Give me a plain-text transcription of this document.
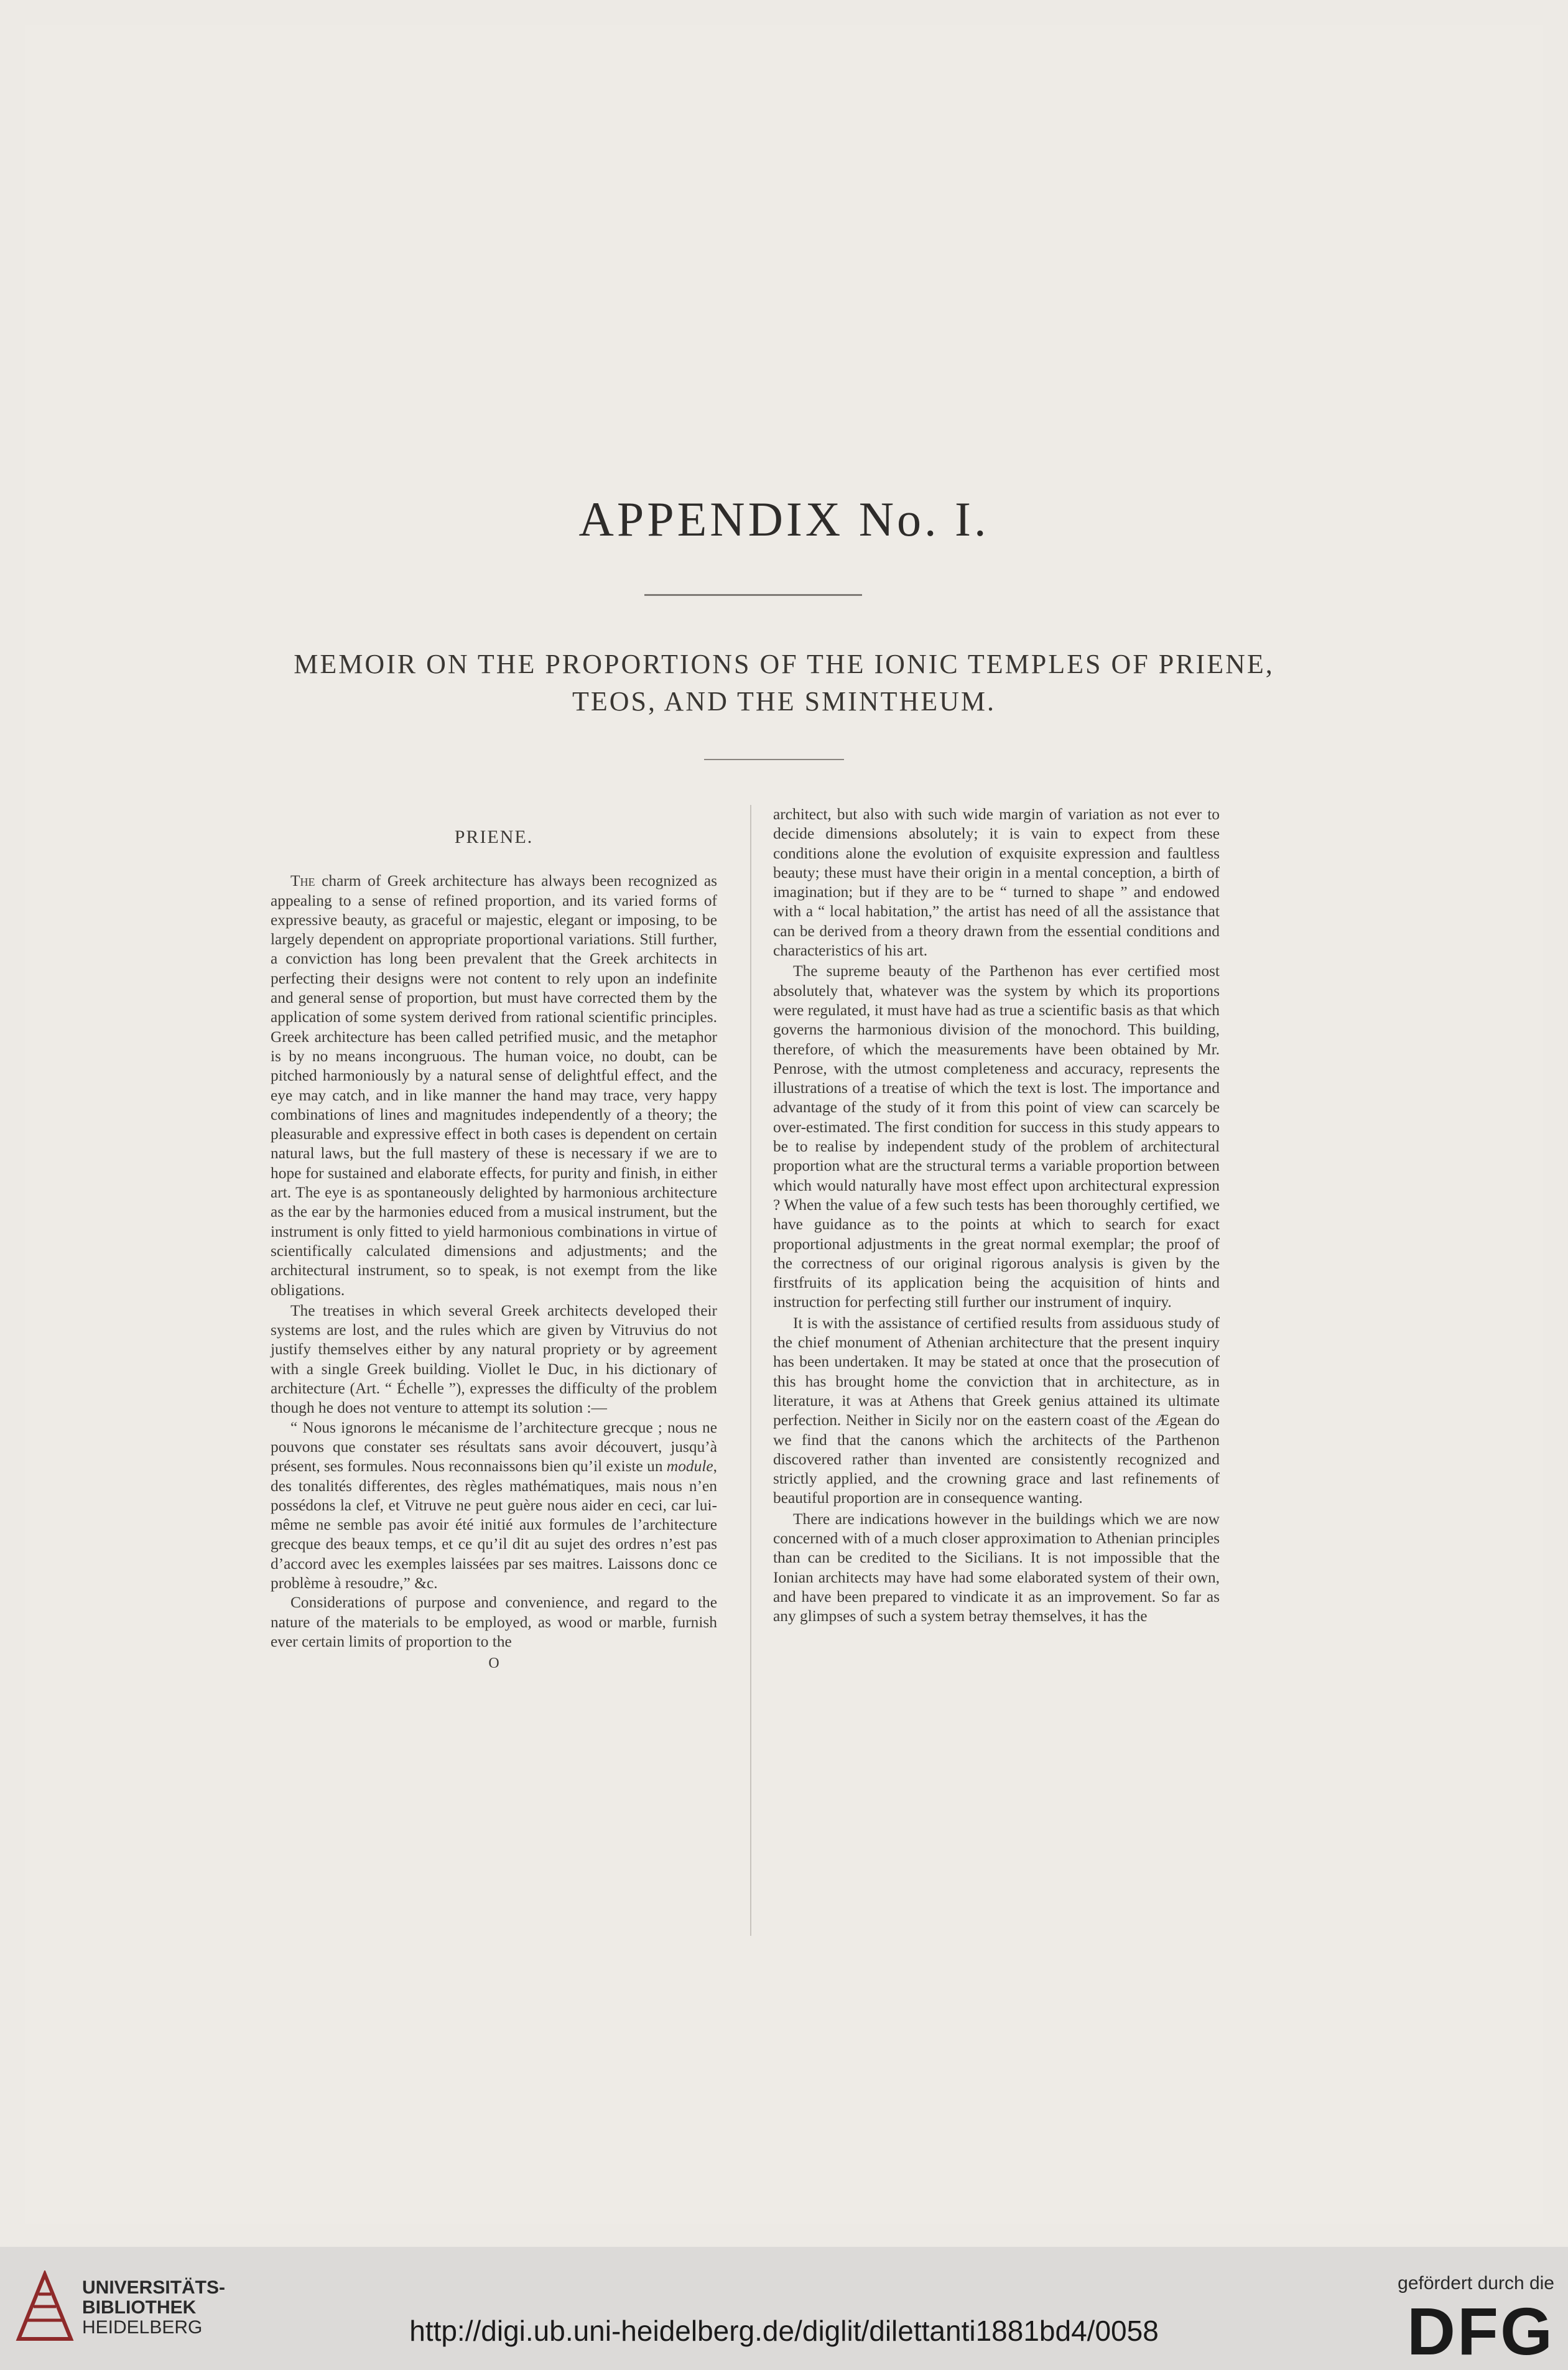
APPENDIX No. I.
MEMOIR ON THE PROPORTIONS OF THE IONIC TEMPLES OF PRIENE,
TEOS, AND THE SMINTHEUM.
PRIENE.

The charm of Greek architecture has always been recognized as appealing to a sense of refined proportion, and its varied forms of expressive beauty, as graceful or majestic, elegant or imposing, to be largely dependent on appropriate proportional variations. Still further, a conviction has long been prevalent that the Greek architects in perfecting their designs were not content to rely upon an indefinite and general sense of proportion, but must have corrected them by the application of some system derived from rational scientific principles. Greek architecture has been called petrified music, and the metaphor is by no means incongruous. The human voice, no doubt, can be pitched harmoniously by a natural sense of delightful effect, and the eye may catch, and in like manner the hand may trace, very happy combinations of lines and magnitudes independently of a theory; the pleasurable and expressive effect in both cases is dependent on certain natural laws, but the full mastery of these is necessary if we are to hope for sustained and elaborate effects, for purity and finish, in either art. The eye is as spontaneously delighted by harmonious architecture as the ear by the harmonies educed from a musical instrument, but the instrument is only fitted to yield harmonious combinations in virtue of scientifically calculated dimensions and adjustments; and the architectural instrument, so to speak, is not exempt from the like obligations.

The treatises in which several Greek architects developed their systems are lost, and the rules which are given by Vitruvius do not justify themselves either by any natural propriety or by agreement with a single Greek building. Viollet le Duc, in his dictionary of architecture (Art. “ Échelle ”), expresses the difficulty of the problem though he does not venture to attempt its solution :—

“ Nous ignorons le mécanisme de l’architecture grecque ; nous ne pouvons que constater ses résultats sans avoir découvert, jusqu’à présent, ses formules. Nous reconnaissons bien qu’il existe un module, des tonalités differentes, des règles mathématiques, mais nous n’en possédons la clef, et Vitruve ne peut guère nous aider en ceci, car lui-même ne semble pas avoir été initié aux formules de l’architecture grecque des beaux temps, et ce qu’il dit au sujet des ordres n’est pas d’accord avec les exemples laissées par ses maitres. Laissons donc ce problème à resoudre,” &c.

Considerations of purpose and convenience, and regard to the nature of the materials to be employed, as wood or marble, furnish ever certain limits of proportion to the

O

architect, but also with such wide margin of variation as not ever to decide dimensions absolutely; it is vain to expect from these conditions alone the evolution of exquisite expression and faultless beauty; these must have their origin in a mental conception, a birth of imagination; but if they are to be “ turned to shape ” and endowed with a “ local habitation,” the artist has need of all the assistance that can be derived from a theory drawn from the essential conditions and characteristics of his art.

The supreme beauty of the Parthenon has ever certified most absolutely that, whatever was the system by which its proportions were regulated, it must have had as true a scientific basis as that which governs the harmonious division of the monochord. This building, therefore, of which the measurements have been obtained by Mr. Penrose, with the utmost completeness and accuracy, represents the illustrations of a treatise of which the text is lost. The importance and advantage of the study of it from this point of view can scarcely be over-estimated. The first condition for success in this study appears to be to realise by independent study of the problem of architectural proportion what are the structural terms a variable proportion between which would naturally have most effect upon architectural expression ? When the value of a few such tests has been thoroughly certified, we have guidance as to the points at which to search for exact proportional adjustments in the great normal exemplar; the proof of the correctness of our original rigorous analysis is given by the firstfruits of its application being the acquisition of hints and instruction for perfecting still further our instrument of inquiry.

It is with the assistance of certified results from assiduous study of the chief monument of Athenian architecture that the present inquiry has been undertaken. It may be stated at once that the prosecution of this has brought home the conviction that in architecture, as in literature, it was at Athens that Greek genius attained its ultimate perfection. Neither in Sicily nor on the eastern coast of the Ægean do we find that the canons which the architects of the Parthenon discovered rather than invented are consistently recognized and strictly applied, and the crowning grace and last refinements of beautiful proportion are in consequence wanting.

There are indications however in the buildings which we are now concerned with of a much closer approximation to Athenian principles than can be credited to the Sicilians. It is not impossible that the Ionian architects may have had some elaborated system of their own, and have been prepared to vindicate it as an improvement. So far as any glimpses of such a system betray themselves, it has the

UNIVERSITÄTS-
BIBLIOTHEK
HEIDELBERG	http://digi.ub.uni-heidelberg.de/diglit/dilettanti1881bd4/0058
gefördert durch die
DFG
